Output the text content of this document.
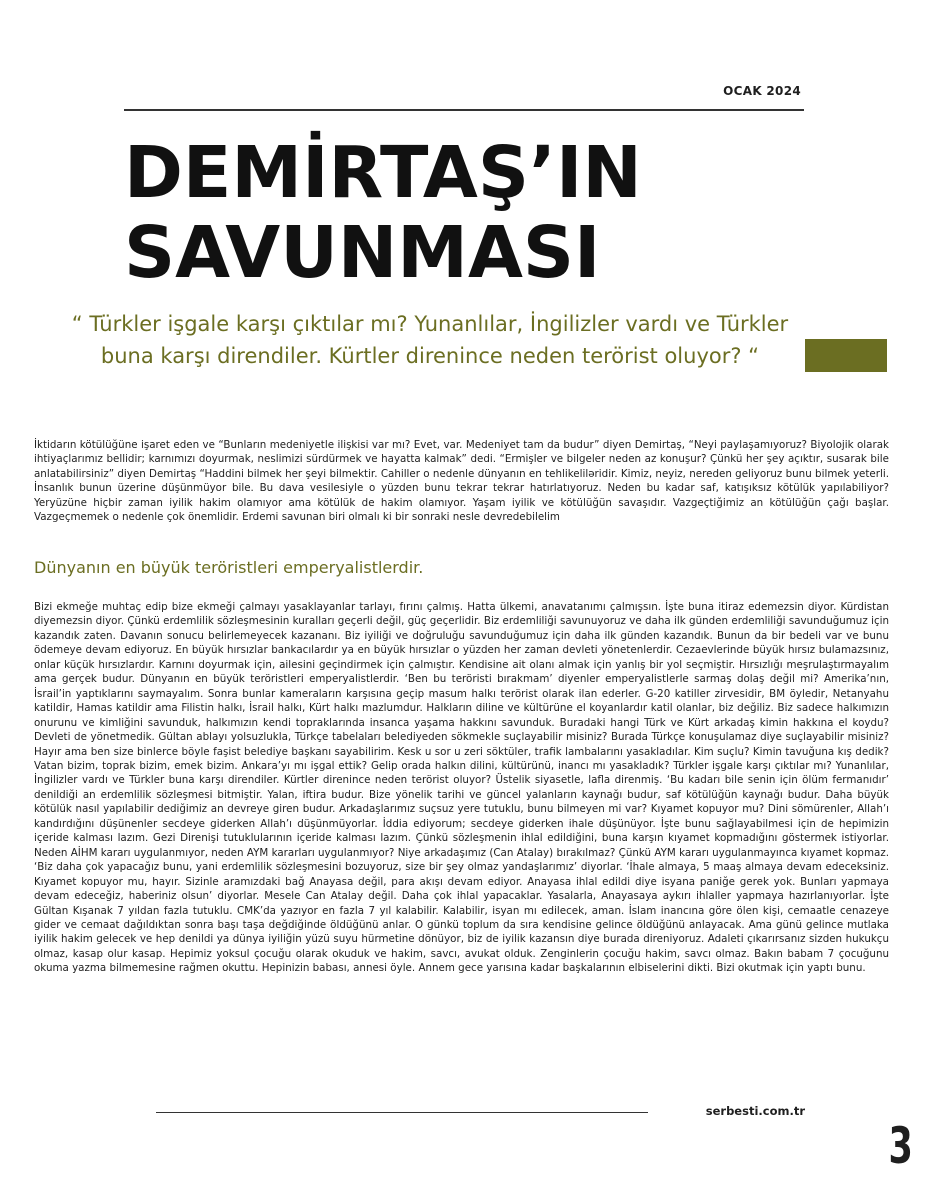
OCAK 2024
DEMİRTAŞ’IN
SAVUNMASI

“ Türkler işgale karşı çıktılar mı? Yunanlılar, İngilizler vardı ve Türkler buna karşı direndiler. Kürtler direnince neden terörist oluyor? “

İktidarın kötülüğüne işaret eden ve “Bunların medeniyetle ilişkisi var mı? Evet, var. Medeniyet tam da budur” diyen Demirtaş, “Neyi paylaşamıyoruz? Biyolojik olarak ihtiyaçlarımız bellidir; karnımızı doyurmak, neslimizi sürdürmek ve hayatta kalmak” dedi. “Ermişler ve bilgeler neden az konuşur? Çünkü her şey açıktır, susarak bile anlatabilirsiniz” diyen Demirtaş “Haddini bilmek her şeyi bilmektir. Cahiller o nedenle dünyanın en tehlikeliləridir. Kimiz, neyiz, nereden geliyoruz bunu bilmek yeterli. İnsanlık bunun üzerine düşünmüyor bile. Bu dava vesilesiyle o yüzden bunu tekrar tekrar hatırlatıyoruz. Neden bu kadar saf, katışıksız kötülük yapılabiliyor? Yeryüzüne hiçbir zaman iyilik hakim olamıyor ama kötülük de hakim olamıyor. Yaşam iyilik ve kötülüğün savaşıdır. Vazgeçtiğimiz an kötülüğün çağı başlar. Vazgeçmemek o nedenle çok önemlidir. Erdemi savunan biri olmalı ki bir sonraki nesle devredebilelim

Dünyanın en büyük teröristleri emperyalistlerdir.

Bizi ekmeğe muhtaç edip bize ekmeği çalmayı yasaklayanlar tarlayı, fırını çalmış. Hatta ülkemi, anavatanımı çalmışsın. İşte buna itiraz edemezsin diyor. Kürdistan diyemezsin diyor. Çünkü erdemlilik sözleşmesinin kuralları geçerli değil, güç geçerlidir. Biz erdemliliği savunuyoruz ve daha ilk günden erdemliliği savunduğumuz için kazandık zaten. Davanın sonucu belirlemeyecek kazananı. Biz iyiliği ve doğruluğu savunduğumuz için daha ilk günden kazandık. Bunun da bir bedeli var ve bunu ödemeye devam ediyoruz. En büyük hırsızlar bankacılardır ya en büyük hırsızlar o yüzden her zaman devleti yönetenlerdir. Cezaevlerinde büyük hırsız bulamazsınız, onlar küçük hırsızlardır. Karnını doyurmak için, ailesini geçindirmek için çalmıştır. Kendisine ait olanı almak için yanlış bir yol seçmiştir. Hırsızlığı meşrulaştırmayalım ama gerçek budur. Dünyanın en büyük teröristleri emperyalistlerdir. ‘Ben bu teröristi bırakmam’ diyenler emperyalistlerle sarmaş dolaş değil mi? Amerika’nın, İsrail’in yaptıklarını saymayalım. Sonra bunlar kameraların karşısına geçip masum halkı terörist olarak ilan ederler. G-20 katiller zirvesidir, BM öyledir, Netanyahu katildir, Hamas katildir ama Filistin halkı, İsrail halkı, Kürt halkı mazlumdur. Halkların diline ve kültürüne el koyanlardır katil olanlar, biz değiliz. Biz sadece halkımızın onurunu ve kimliğini savunduk, halkımızın kendi topraklarında insanca yaşama hakkını savunduk. Buradaki hangi Türk ve Kürt arkadaş kimin hakkına el koydu? Devleti de yönetmedik. Gültan ablayı yolsuzlukla, Türkçe tabelaları belediyeden sökmekle suçlayabilir misiniz? Burada Türkçe konuşulamaz diye suçlayabilir misiniz? Hayır ama ben size binlerce böyle faşist belediye başkanı sayabilirim. Kesk u sor u zeri söktüler, trafik lambalarını yasakladılar. Kim suçlu? Kimin tavuğuna kış dedik? Vatan bizim, toprak bizim, emek bizim. Ankara’yı mı işgal ettik? Gelip orada halkın dilini, kültürünü, inancı mı yasakladık? Türkler işgale karşı çıktılar mı? Yunanlılar, İngilizler vardı ve Türkler buna karşı direndiler. Kürtler direnince neden terörist oluyor? Üstelik siyasetle, lafla direnmiş. ‘Bu kadarı bile senin için ölüm fermanıdır’ denildiği an erdemlilik sözleşmesi bitmiştir. Yalan, iftira budur. Bize yönelik tarihi ve güncel yalanların kaynağı budur, saf kötülüğün kaynağı budur. Daha büyük kötülük nasıl yapılabilir dediğimiz an devreye giren budur. Arkadaşlarımız suçsuz yere tutuklu, bunu bilmeyen mi var? Kıyamet kopuyor mu? Dini sömürenler, Allah’ı kandırdığını düşünenler secdeye giderken Allah’ı düşünmüyorlar. İddia ediyorum; secdeye giderken ihale düşünüyor. İşte bunu sağlayabilmesi için de hepimizin içeride kalması lazım. Gezi Direnişi tutuklularının içeride kalması lazım. Çünkü sözleşmenin ihlal edildiğini, buna karşın kıyamet kopmadığını göstermek istiyorlar. Neden AİHM kararı uygulanmıyor, neden AYM kararları uygulanmıyor? Niye arkadaşımız (Can Atalay) bırakılmaz? Çünkü AYM kararı uygulanmayınca kıyamet kopmaz. ‘Biz daha çok yapacağız bunu, yani erdemlilik sözleşmesini bozuyoruz, size bir şey olmaz yandaşlarımız’ diyorlar. ‘İhale almaya, 5 maaş almaya devam edeceksiniz. Kıyamet kopuyor mu, hayır. Sizinle aramızdaki bağ Anayasa değil, para akışı devam ediyor. Anayasa ihlal edildi diye isyana paniğe gerek yok. Bunları yapmaya devam edeceğiz, haberiniz olsun’ diyorlar. Mesele Can Atalay değil. Daha çok ihlal yapacaklar. Yasalarla, Anayasaya aykırı ihlaller yapmaya hazırlanıyorlar. İşte Gültan Kışanak 7 yıldan fazla tutuklu. CMK’da yazıyor en fazla 7 yıl kalabilir. Kalabilir, isyan mı edilecek, aman. İslam inancına göre ölen kişi, cemaatle cenazeye gider ve cemaat dağıldıktan sonra başı taşa değdiğinde öldüğünü anlar. O günkü toplum da sıra kendisine gelince öldüğünü anlayacak. Ama günü gelince mutlaka iyilik hakim gelecek ve hep denildi ya dünya iyiliğin yüzü suyu hürmetine dönüyor, biz de iyilik kazansın diye burada direniyoruz. Adaleti çıkarırsanız sizden hukukçu olmaz, kasap olur kasap. Hepimiz yoksul çocuğu olarak okuduk ve hakim, savcı, avukat olduk. Zenginlerin çocuğu hakim, savcı olmaz. Bakın babam 7 çocuğunu okuma yazma bilmemesine rağmen okuttu. Hepinizin babası, annesi öyle. Annem gece yarısına kadar başkalarının elbiselerini dikti. Bizi okutmak için yaptı bunu.

serbesti.com.tr
3
